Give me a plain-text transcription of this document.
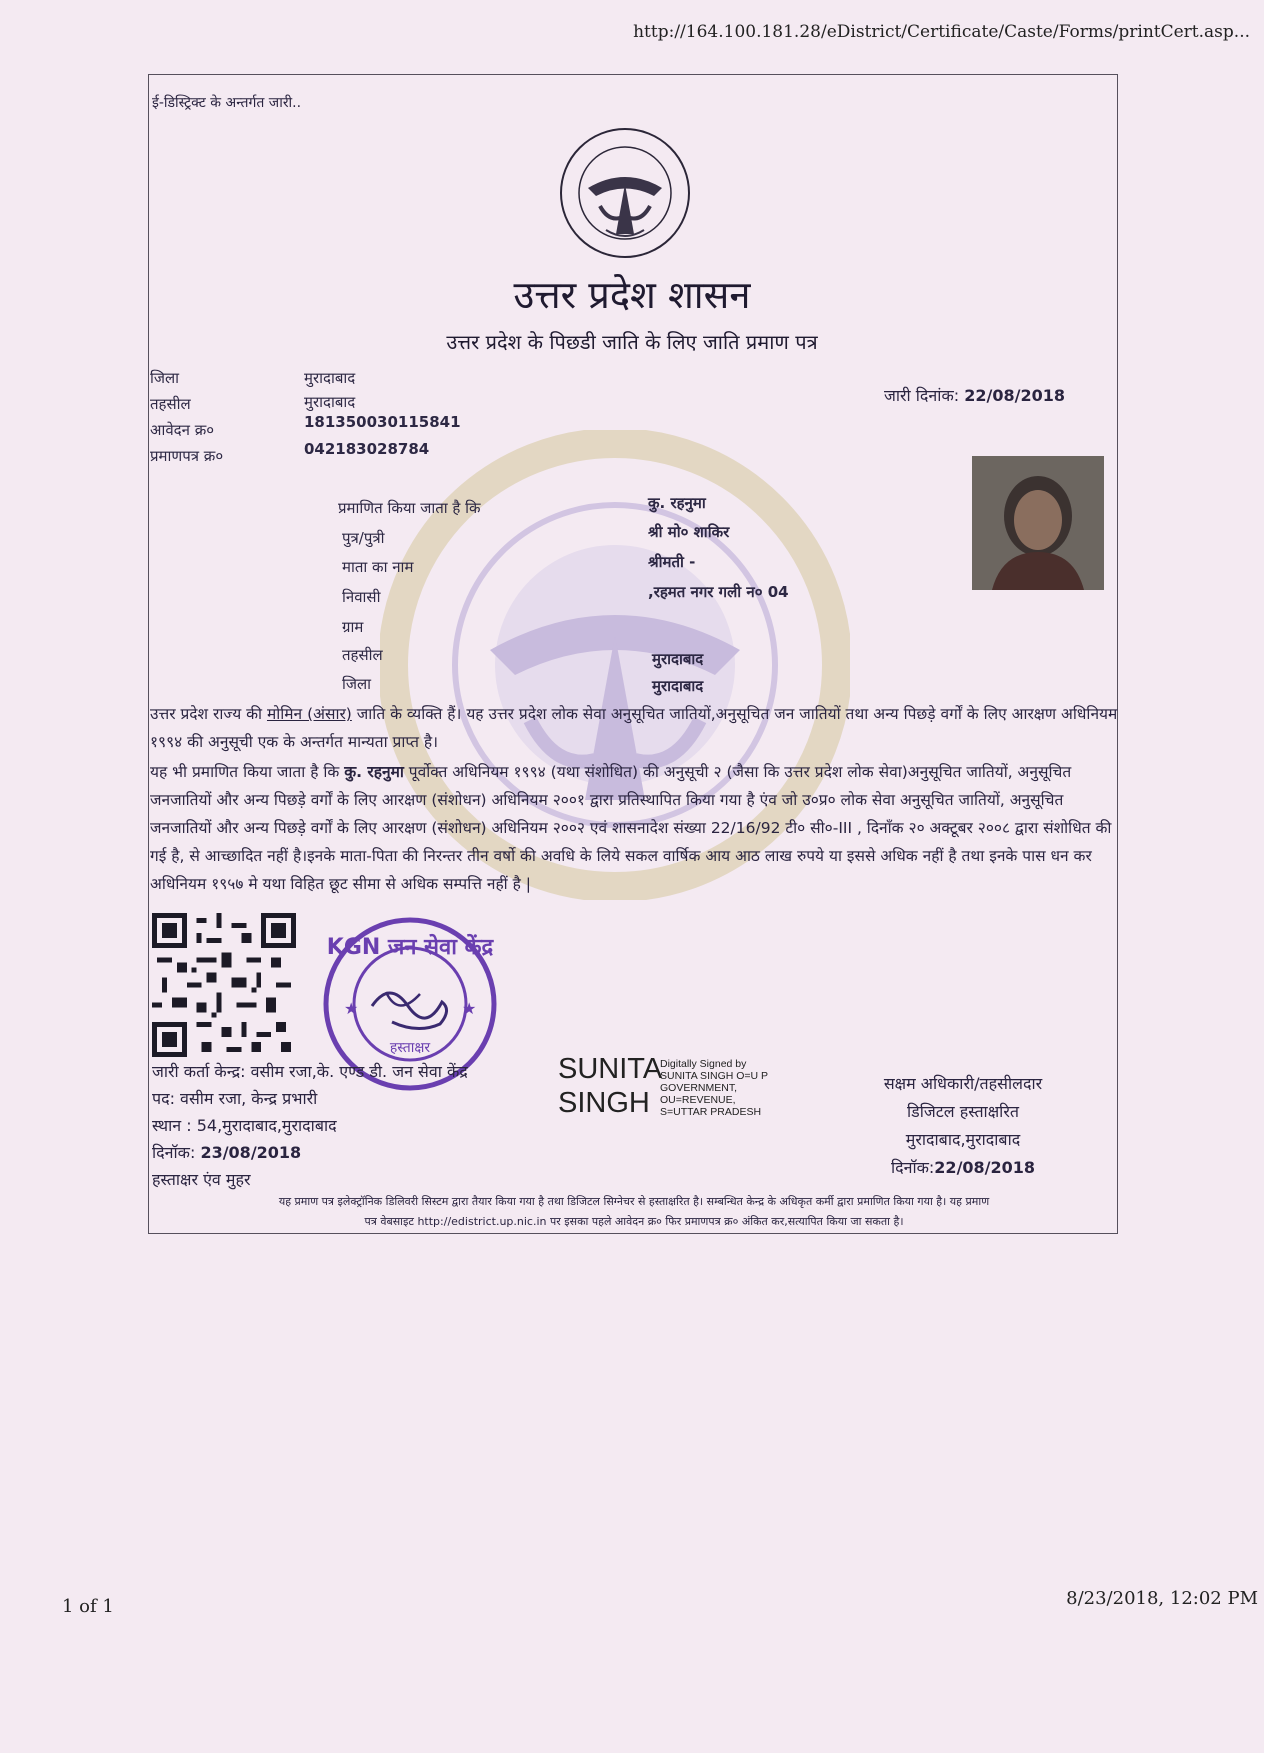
http://164.100.181.28/eDistrict/Certificate/Caste/Forms/printCert.asp...
1 of 1	8/23/2018, 12:02 PM
ई-डिस्ट्रिक्ट के अन्तर्गत जारी..
उत्तर प्रदेश शासन
उत्तर प्रदेश के पिछडी जाति के लिए जाति प्रमाण पत्र
जिला	मुरादाबाद
तहसील	मुरादाबाद
आवेदन क्र०	181350030115841
प्रमाणपत्र क्र०	042183028784
जारी दिनांक: 22/08/2018
प्रमाणित किया जाता है कि	कु. रहनुमा
पुत्र/पुत्री	श्री मो० शाकिर
माता का नाम	श्रीमती -
निवासी	,रहमत नगर गली न० 04
ग्राम
तहसील	मुरादाबाद
जिला	मुरादाबाद
उत्तर प्रदेश राज्य की मोमिन (अंसार) जाति के व्यक्ति हैं। यह उत्तर प्रदेश लोक सेवा अनुसूचित जातियों,अनुसूचित जन जातियों तथा अन्य पिछड़े वर्गों के लिए आरक्षण अधिनियम १९९४ की अनुसूची एक के अन्तर्गत मान्यता प्राप्त है।
यह भी प्रमाणित किया जाता है कि कु. रहनुमा पूर्वोक्त अधिनियम १९९४ (यथा संशोधित) की अनुसूची २ (जैसा कि उत्तर प्रदेश लोक सेवा)अनुसूचित जातियों, अनुसूचित जनजातियों और अन्य पिछड़े वर्गों के लिए आरक्षण (संशोधन) अधिनियम २००१ द्वारा प्रतिस्थापित किया गया है एंव जो उ०प्र० लोक सेवा अनुसूचित जातियों, अनुसूचित जनजातियों और अन्य पिछड़े वर्गों के लिए आरक्षण (संशोधन) अधिनियम २००२ एवं शासनादेश संख्या 22/16/92 टी० सी०-III , दिनाँक २० अक्टूबर २००८ द्वारा संशोधित की गई है, से आच्छादित नहीं है।इनके माता-पिता की निरन्तर तीन वर्षो की अवधि के लिये सकल वार्षिक आय आठ लाख रुपये या इससे अधिक नहीं है तथा इनके पास धन कर अधिनियम १९५७ मे यथा विहित छूट सीमा से अधिक सम्पत्ति नहीं है |
KGN जन सेवा केंद्र
हस्ताक्षर
★	★
जारी कर्ता केन्द्र: वसीम रजा,के. एण्ड डी. जन सेवा केंद्र
पद: वसीम रजा, केन्द्र प्रभारी
स्थान : 54,मुरादाबाद,मुरादाबाद
दिनॉक: 23/08/2018
हस्ताक्षर एंव मुहर
SUNITA
SINGH
Digitally Signed by
SUNITA SINGH O=U P
GOVERNMENT,
OU=REVENUE,
S=UTTAR PRADESH
सक्षम अधिकारी/तहसीलदार
डिजिटल हस्ताक्षरित
मुरादाबाद,मुरादाबाद
दिनॉक:22/08/2018
यह प्रमाण पत्र इलेक्ट्रॉनिक डिलिवरी सिस्टम द्वारा तैयार किया गया है तथा डिजिटल सिग्नेचर से हस्ताक्षरित है। सम्बन्धित केन्द्र के अधिकृत कर्मी द्वारा प्रमाणित किया गया है। यह प्रमाण
पत्र वेबसाइट http://edistrict.up.nic.in पर इसका पहले आवेदन क्र० फिर प्रमाणपत्र क्र० अंकित कर,सत्यापित किया जा सकता है।
